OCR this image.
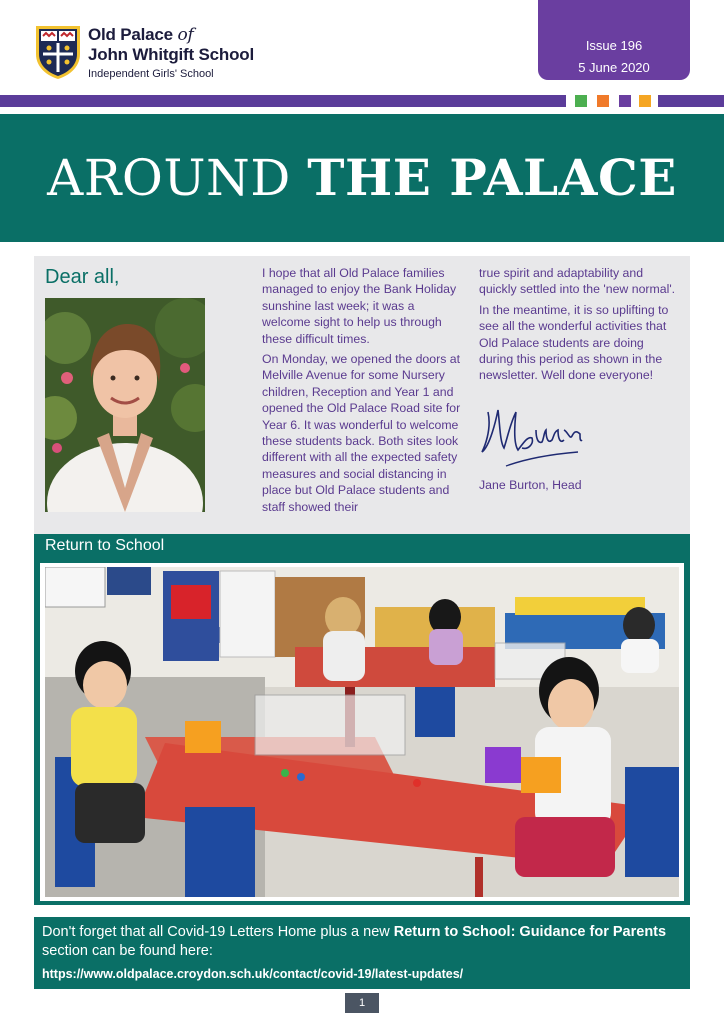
Old Palace of
John Whitgift School
Independent Girls' School
Issue 196
5 June 2020
AROUND THE PALACE
Dear all,	I hope that all Old Palace families managed to enjoy the Bank Holiday sunshine last week; it was a welcome sight to help us through these difficult times.

On Monday, we opened the doors at Melville Avenue for some Nursery children, Reception and Year 1 and opened the Old Palace Road site for Year 6. It was wonderful to welcome these students back. Both sites look different with all the expected safety measures and social distancing in place but Old Palace students and staff showed their

true spirit and adaptability and quickly settled into the 'new normal'.

In the meantime, it is so uplifting to see all the wonderful activities that Old Palace students are doing during this period as shown in the newsletter. Well done everyone!

Jane Burton, Head
Return to School
Don't forget that all Covid-19 Letters Home plus a new Return to School: Guidance for Parents section can be found here:
https://www.oldpalace.croydon.sch.uk/contact/covid-19/latest-updates/
1
